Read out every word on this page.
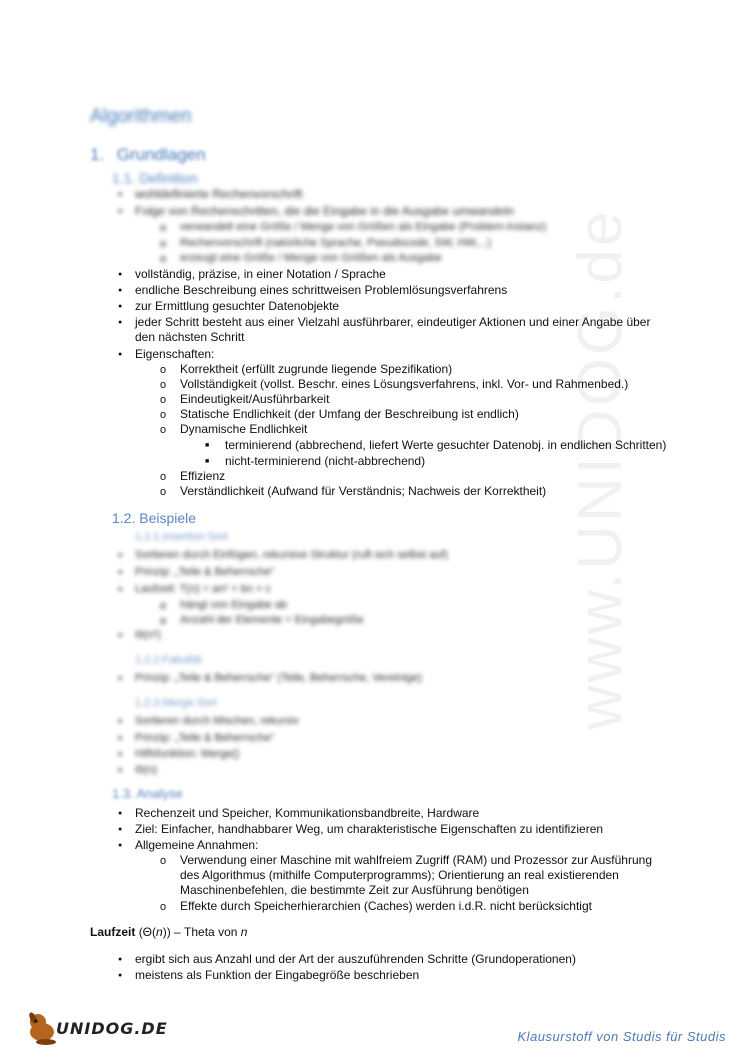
www.UNIDOG.de
Algorithmen
1. Grundlagen
1.1. Definition
●
wohldefinierte Rechenvorschrift
●
Folge von Rechenschritten, die die Eingabe in die Ausgabe umwandeln
o
verwandelt eine Größe / Menge von Größen als Eingabe (Problem-Instanz)
o
Rechenvorschrift (natürliche Sprache, Pseudocode, SW, HW,...)
o
erzeugt eine Größe / Menge von Größen als Ausgabe
●
vollständig, präzise, in einer Notation / Sprache
●
endliche Beschreibung eines schrittweisen Problemlösungsverfahrens
●
zur Ermittlung gesuchter Datenobjekte
●
jeder Schritt besteht aus einer Vielzahl ausführbarer, eindeutiger Aktionen und einer Angabe über den nächsten Schritt
●
Eigenschaften:
o
Korrektheit (erfüllt zugrunde liegende Spezifikation)
o
Vollständigkeit (vollst. Beschr. eines Lösungsverfahrens, inkl. Vor- und Rahmenbed.)
o
Eindeutigkeit/Ausführbarkeit
o
Statische Endlichkeit (der Umfang der Beschreibung ist endlich)
o
Dynamische Endlichkeit
■
terminierend (abbrechend, liefert Werte gesuchter Datenobj. in endlichen Schritten)
■
nicht-terminierend (nicht-abbrechend)
o
Effizienz
o
Verständlichkeit (Aufwand für Verständnis; Nachweis der Korrektheit)
1.2. Beispiele
1.2.1.Insertion Sort
●
Sortieren durch Einfügen, rekursive Struktur (ruft sich selbst auf)
●
Prinzip: „Teile & Beherrsche“
●
Laufzeit: T(n) = an² + bn + c
o
hängt von Eingabe ab
o
Anzahl der Elemente = Eingabegröße
●
Θ(n²)
1.2.2.Fakultät
●
Prinzip: „Teile & Beherrsche“ (Teile, Beherrsche, Vereinige)
1.2.3.Merge Sort
●
Sortieren durch Mischen, rekursiv
●
Prinzip: „Teile & Beherrsche“
●
Hilfsfunktion: Merge()
●
Θ(n)
1.3. Analyse
●
Rechenzeit und Speicher, Kommunikationsbandbreite, Hardware
●
Ziel: Einfacher, handhabbarer Weg, um charakteristische Eigenschaften zu identifizieren
●
Allgemeine Annahmen:
o
Verwendung einer Maschine mit wahlfreiem Zugriff (RAM) und Prozessor zur Ausführung des Algorithmus (mithilfe Computerprogramms); Orientierung an real existierenden Maschinenbefehlen, die bestimmte Zeit zur Ausführung benötigen
o
Effekte durch Speicherhierarchien (Caches) werden i.d.R. nicht berücksichtigt
Laufzeit (Θ(n)) – Theta von n
●
ergibt sich aus Anzahl und der Art der auszuführenden Schritte (Grundoperationen)
●
meistens als Funktion der Eingabegröße beschrieben
UNIDOG.DE	Klausurstoff von Studis für Studis
